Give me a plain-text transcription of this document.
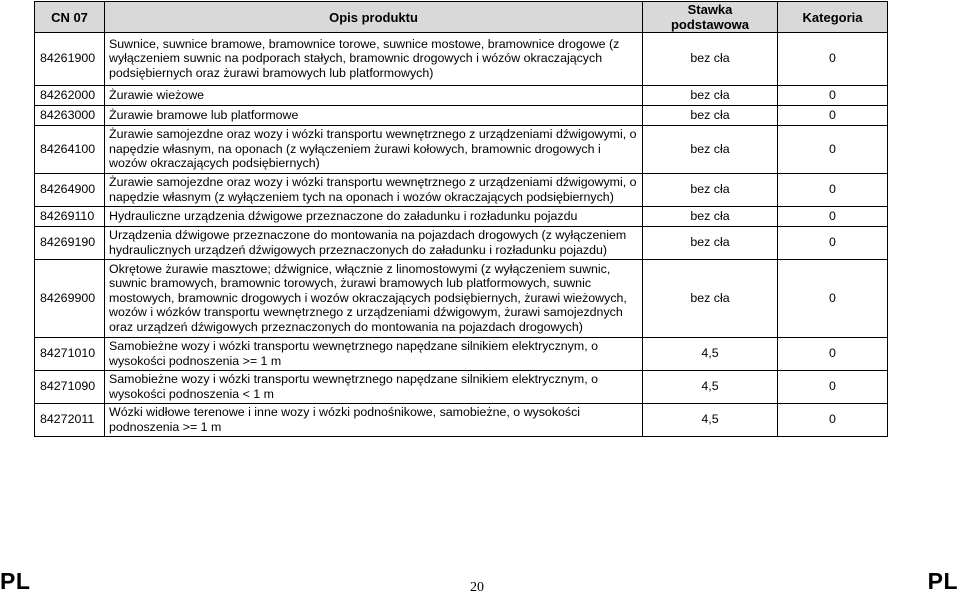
CN 07	Opis produktu	Stawka podstawowa	Kategoria
84261900	Suwnice, suwnice bramowe, bramownice torowe, suwnice mostowe, bramownice drogowe (z wyłączeniem suwnic na podporach stałych, bramownic drogowych i wózów okraczających podsiębiernych oraz żurawi bramowych lub platformowych)	bez cła	0
84262000	Żurawie wieżowe	bez cła	0
84263000	Żurawie bramowe lub platformowe	bez cła	0
84264100	Żurawie samojezdne oraz wozy i wózki transportu wewnętrznego z urządzeniami dźwigowymi, o napędzie własnym, na oponach (z wyłączeniem żurawi kołowych, bramownic drogowych i wozów okraczających podsiębiernych)	bez cła	0
84264900	Żurawie samojezdne oraz wozy i wózki transportu wewnętrznego z urządzeniami dźwigowymi, o napędzie własnym (z wyłączeniem tych na oponach i wozów okraczających podsiębiernych)	bez cła	0
84269110	Hydrauliczne urządzenia dźwigowe przeznaczone do załadunku i rozładunku pojazdu	bez cła	0
84269190	Urządzenia dźwigowe przeznaczone do montowania na pojazdach drogowych (z wyłączeniem hydraulicznych urządzeń dźwigowych przeznaczonych do załadunku i rozładunku pojazdu)	bez cła	0
84269900	Okrętowe żurawie masztowe; dźwignice, włącznie z linomostowymi (z wyłączeniem suwnic, suwnic bramowych, bramownic torowych, żurawi bramowych lub platformowych, suwnic mostowych, bramownic drogowych i wozów okraczających podsiębiernych, żurawi wieżowych, wozów i wózków transportu wewnętrznego z urządzeniami dźwigowym, żurawi samojezdnych oraz urządzeń dźwigowych przeznaczonych do montowania na pojazdach drogowych)	bez cła	0
84271010	Samobieżne wozy i wózki transportu wewnętrznego napędzane silnikiem elektrycznym, o wysokości podnoszenia >= 1 m	4,5	0
84271090	Samobieżne wozy i wózki transportu wewnętrznego napędzane silnikiem elektrycznym, o wysokości podnoszenia < 1 m	4,5	0
84272011	Wózki widłowe terenowe i inne wozy i wózki podnośnikowe, samobieżne, o wysokości podnoszenia >= 1 m	4,5	0
PL	20	PL
